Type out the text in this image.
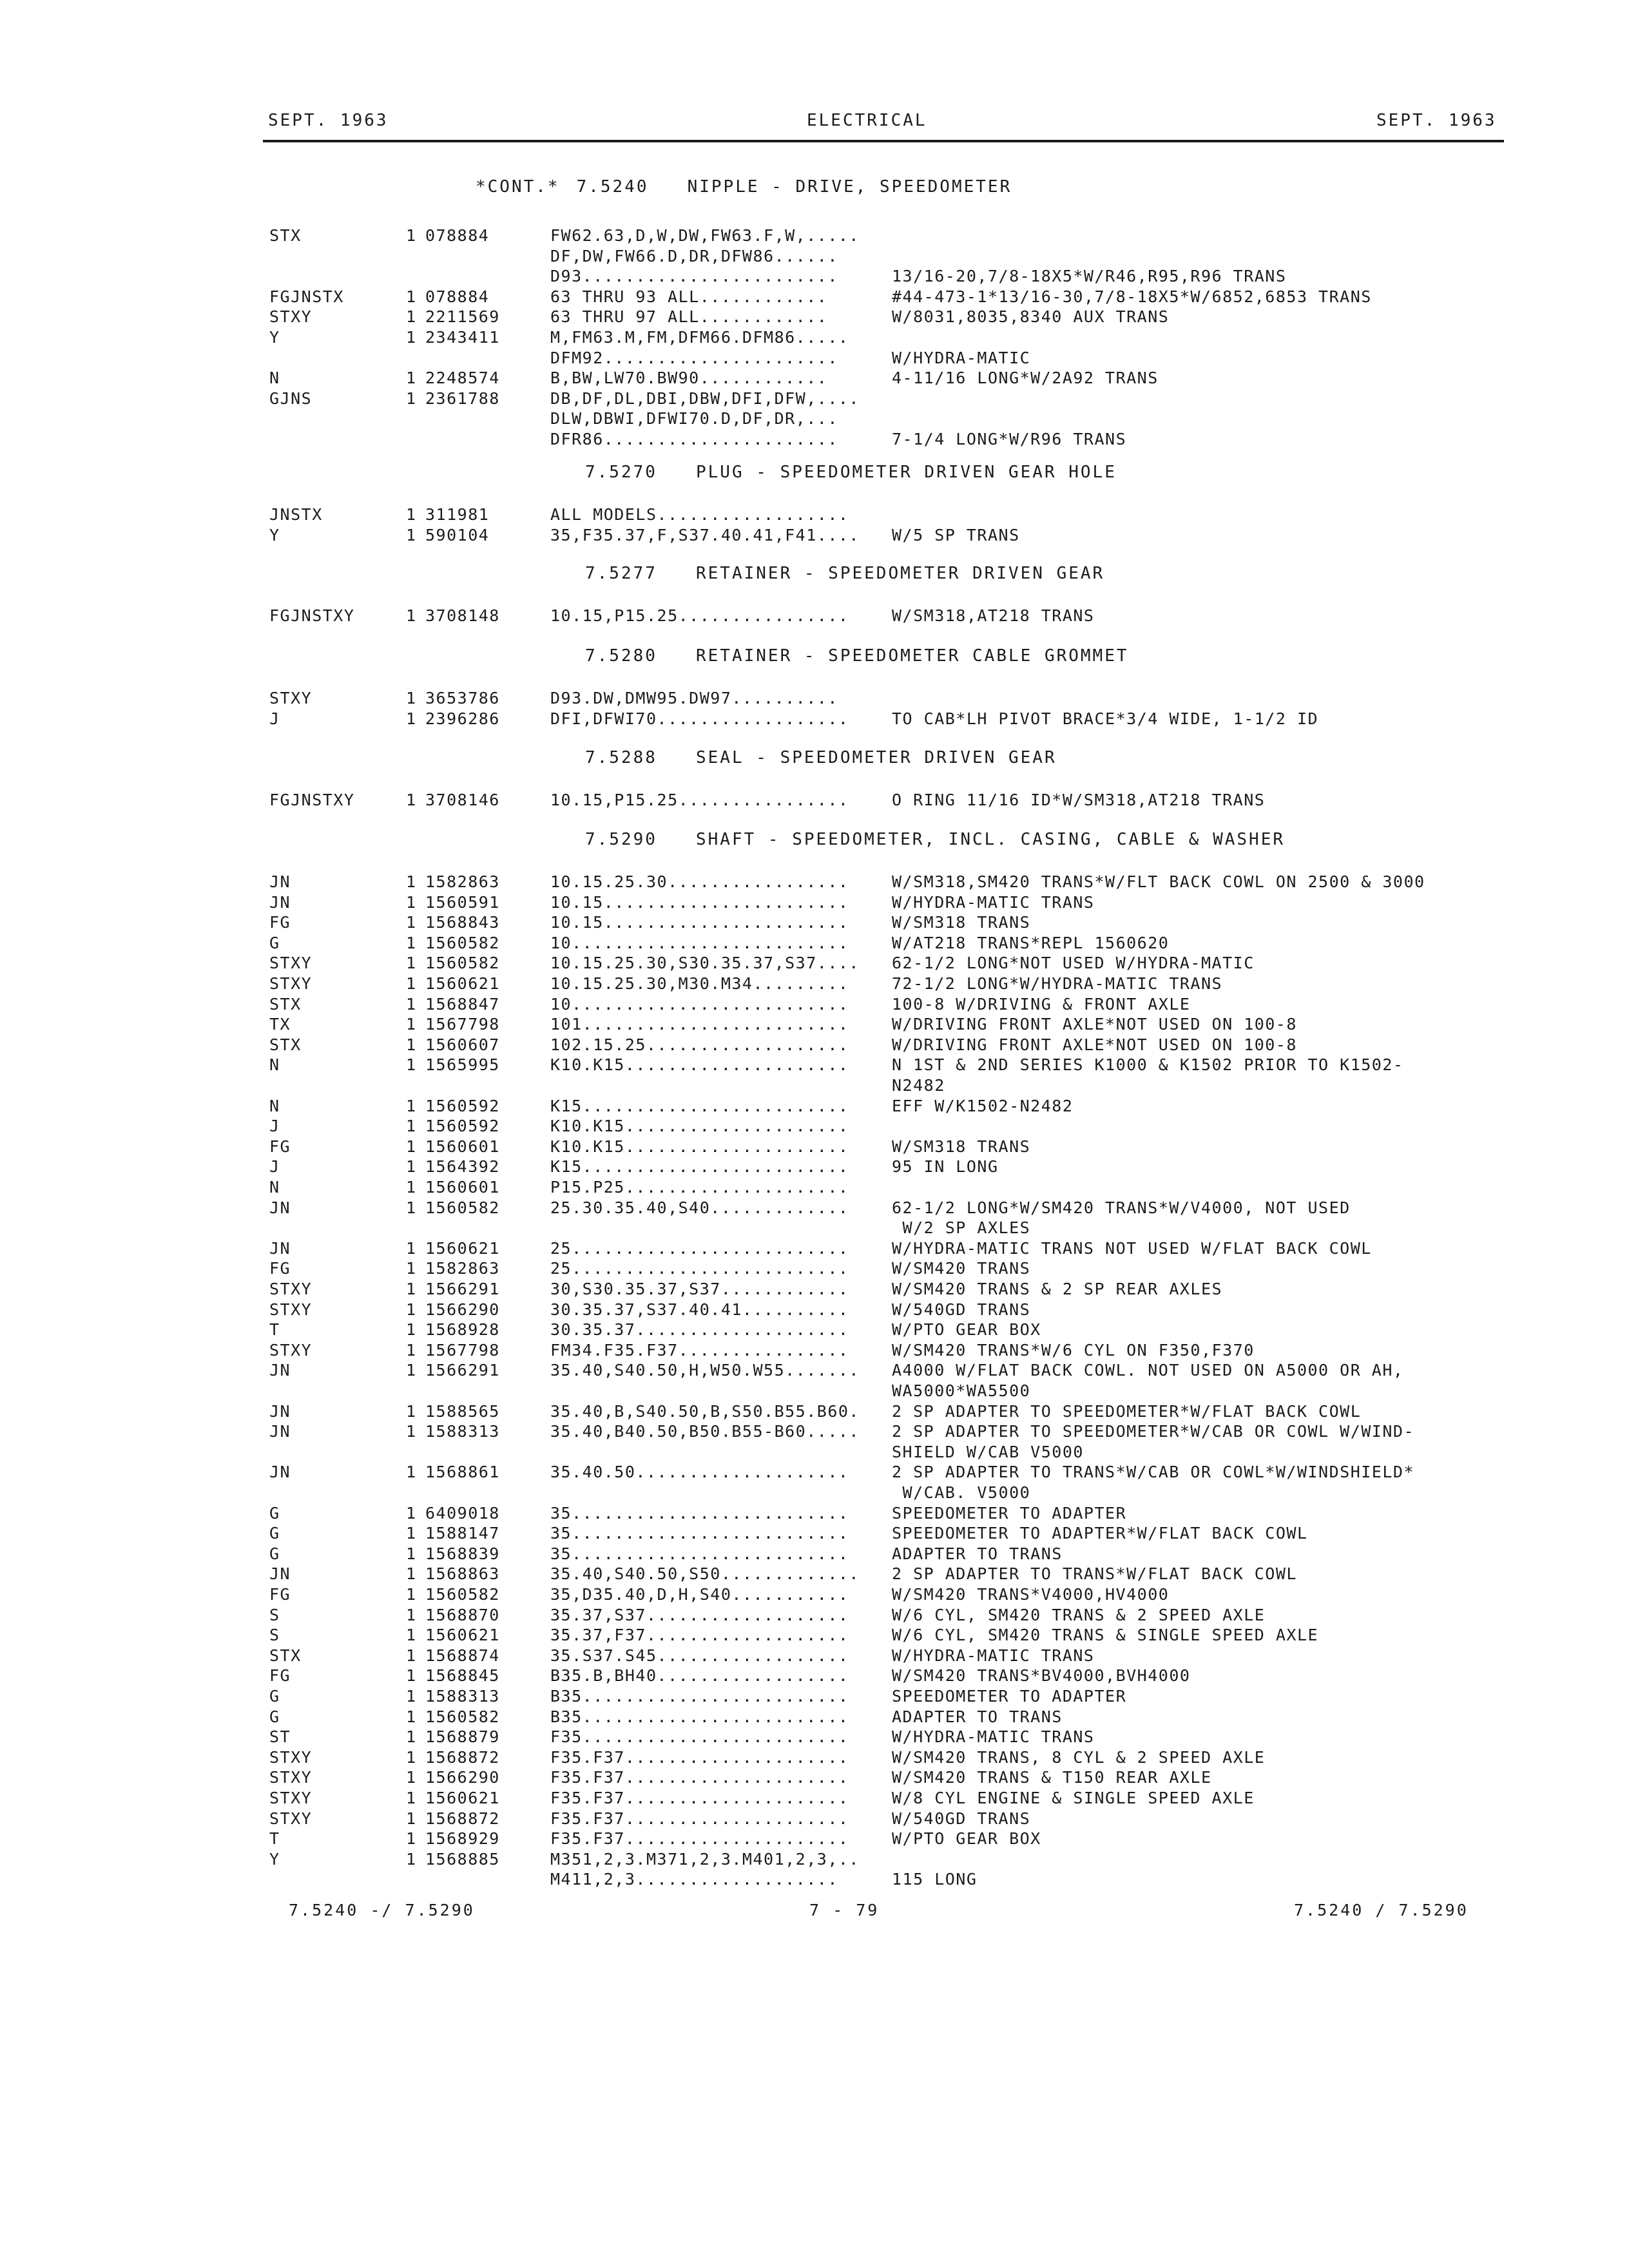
SEPT. 1963	ELECTRICAL	SEPT. 1963
*CONT.* 7.5240 NIPPLE - DRIVE, SPEEDOMETER
STX	1 078884	FW62.63,D,W,DW,FW63.F,W,.....
DF,DW,FW66.D,DR,DFW86......
D93........................	13/16-20,7/8-18X5*W/R46,R95,R96 TRANS
FGJNSTX	1 078884	63 THRU 93 ALL............	#44-473-1*13/16-30,7/8-18X5*W/6852,6853 TRANS
STXY	1 2211569	63 THRU 97 ALL............	W/8031,8035,8340 AUX TRANS
Y	1 2343411	M,FM63.M,FM,DFM66.DFM86.....
DFM92......................	W/HYDRA-MATIC
N	1 2248574	B,BW,LW70.BW90............	4-11/16 LONG*W/2A92 TRANS
GJNS	1 2361788	DB,DF,DL,DBI,DBW,DFI,DFW,....
DLW,DBWI,DFWI70.D,DF,DR,...
DFR86......................	7-1/4 LONG*W/R96 TRANS
7.5270 PLUG - SPEEDOMETER DRIVEN GEAR HOLE
JNSTX	1 311981	ALL MODELS..................
Y	1 590104	35,F35.37,F,S37.40.41,F41.... W/5 SP TRANS
7.5277 RETAINER - SPEEDOMETER DRIVEN GEAR
FGJNSTXY	1 3708148	10.15,P15.25................	W/SM318,AT218 TRANS
7.5280 RETAINER - SPEEDOMETER CABLE GROMMET
STXY	1 3653786	D93.DW,DMW95.DW97..........
J	1 2396286	DFI,DFWI70..................	TO CAB*LH PIVOT BRACE*3/4 WIDE, 1-1/2 ID
7.5288 SEAL - SPEEDOMETER DRIVEN GEAR
FGJNSTXY	1 3708146	10.15,P15.25................	O RING 11/16 ID*W/SM318,AT218 TRANS
7.5290 SHAFT - SPEEDOMETER, INCL. CASING, CABLE & WASHER
JN	1 1582863	10.15.25.30.................	W/SM318,SM420 TRANS*W/FLT BACK COWL ON 2500 & 3000
JN	1 1560591	10.15.......................	W/HYDRA-MATIC TRANS
FG	1 1568843	10.15.......................	W/SM318 TRANS
G	1 1560582	10..........................	W/AT218 TRANS*REPL 1560620
STXY	1 1560582	10.15.25.30,S30.35.37,S37.... 62-1/2 LONG*NOT USED W/HYDRA-MATIC
STXY	1 1560621	10.15.25.30,M30.M34.........	72-1/2 LONG*W/HYDRA-MATIC TRANS
STX	1 1568847	10..........................	100-8 W/DRIVING & FRONT AXLE
TX	1 1567798	101.........................	W/DRIVING FRONT AXLE*NOT USED ON 100-8
STX	1 1560607	102.15.25...................	W/DRIVING FRONT AXLE*NOT USED ON 100-8
N	1 1565995	K10.K15.....................	N 1ST & 2ND SERIES K1000 & K1502 PRIOR TO K1502-
N2482
N	1 1560592	K15.........................	EFF W/K1502-N2482
J	1 1560592	K10.K15.....................
FG	1 1560601	K10.K15.....................	W/SM318 TRANS
J	1 1564392	K15.........................	95 IN LONG
N	1 1560601	P15.P25.....................
JN	1 1560582	25.30.35.40,S40.............	62-1/2 LONG*W/SM420 TRANS*W/V4000, NOT USED
W/2 SP AXLES
JN	1 1560621	25..........................	W/HYDRA-MATIC TRANS NOT USED W/FLAT BACK COWL
FG	1 1582863	25..........................	W/SM420 TRANS
STXY	1 1566291	30,S30.35.37,S37............	W/SM420 TRANS & 2 SP REAR AXLES
STXY	1 1566290	30.35.37,S37.40.41..........	W/540GD TRANS
T	1 1568928	30.35.37....................	W/PTO GEAR BOX
STXY	1 1567798	FM34.F35.F37................	W/SM420 TRANS*W/6 CYL ON F350,F370
JN	1 1566291	35.40,S40.50,H,W50.W55....... A4000 W/FLAT BACK COWL. NOT USED ON A5000 OR AH,
WA5000*WA5500
JN	1 1588565	35.40,B,S40.50,B,S50.B55.B60. 2 SP ADAPTER TO SPEEDOMETER*W/FLAT BACK COWL
JN	1 1588313	35.40,B40.50,B50.B55-B60..... 2 SP ADAPTER TO SPEEDOMETER*W/CAB OR COWL W/WIND-
SHIELD W/CAB V5000
JN	1 1568861	35.40.50....................	2 SP ADAPTER TO TRANS*W/CAB OR COWL*W/WINDSHIELD*
W/CAB. V5000
G	1 6409018	35..........................	SPEEDOMETER TO ADAPTER
G	1 1588147	35..........................	SPEEDOMETER TO ADAPTER*W/FLAT BACK COWL
G	1 1568839	35..........................	ADAPTER TO TRANS
JN	1 1568863	35.40,S40.50,S50............. 2 SP ADAPTER TO TRANS*W/FLAT BACK COWL
FG	1 1560582	35,D35.40,D,H,S40...........	W/SM420 TRANS*V4000,HV4000
S	1 1568870	35.37,S37...................	W/6 CYL, SM420 TRANS & 2 SPEED AXLE
S	1 1560621	35.37,F37...................	W/6 CYL, SM420 TRANS & SINGLE SPEED AXLE
STX	1 1568874	35.S37.S45..................	W/HYDRA-MATIC TRANS
FG	1 1568845	B35.B,BH40..................	W/SM420 TRANS*BV4000,BVH4000
G	1 1588313	B35.........................	SPEEDOMETER TO ADAPTER
G	1 1560582	B35.........................	ADAPTER TO TRANS
ST	1 1568879	F35.........................	W/HYDRA-MATIC TRANS
STXY	1 1568872	F35.F37.....................	W/SM420 TRANS, 8 CYL & 2 SPEED AXLE
STXY	1 1566290	F35.F37.....................	W/SM420 TRANS & T150 REAR AXLE
STXY	1 1560621	F35.F37.....................	W/8 CYL ENGINE & SINGLE SPEED AXLE
STXY	1 1568872	F35.F37.....................	W/540GD TRANS
T	1 1568929	F35.F37.....................	W/PTO GEAR BOX
Y	1 1568885	M351,2,3.M371,2,3.M401,2,3,..
M411,2,3...................	115 LONG
7.5240 -/ 7.5290	7 - 79	7.5240 / 7.5290
